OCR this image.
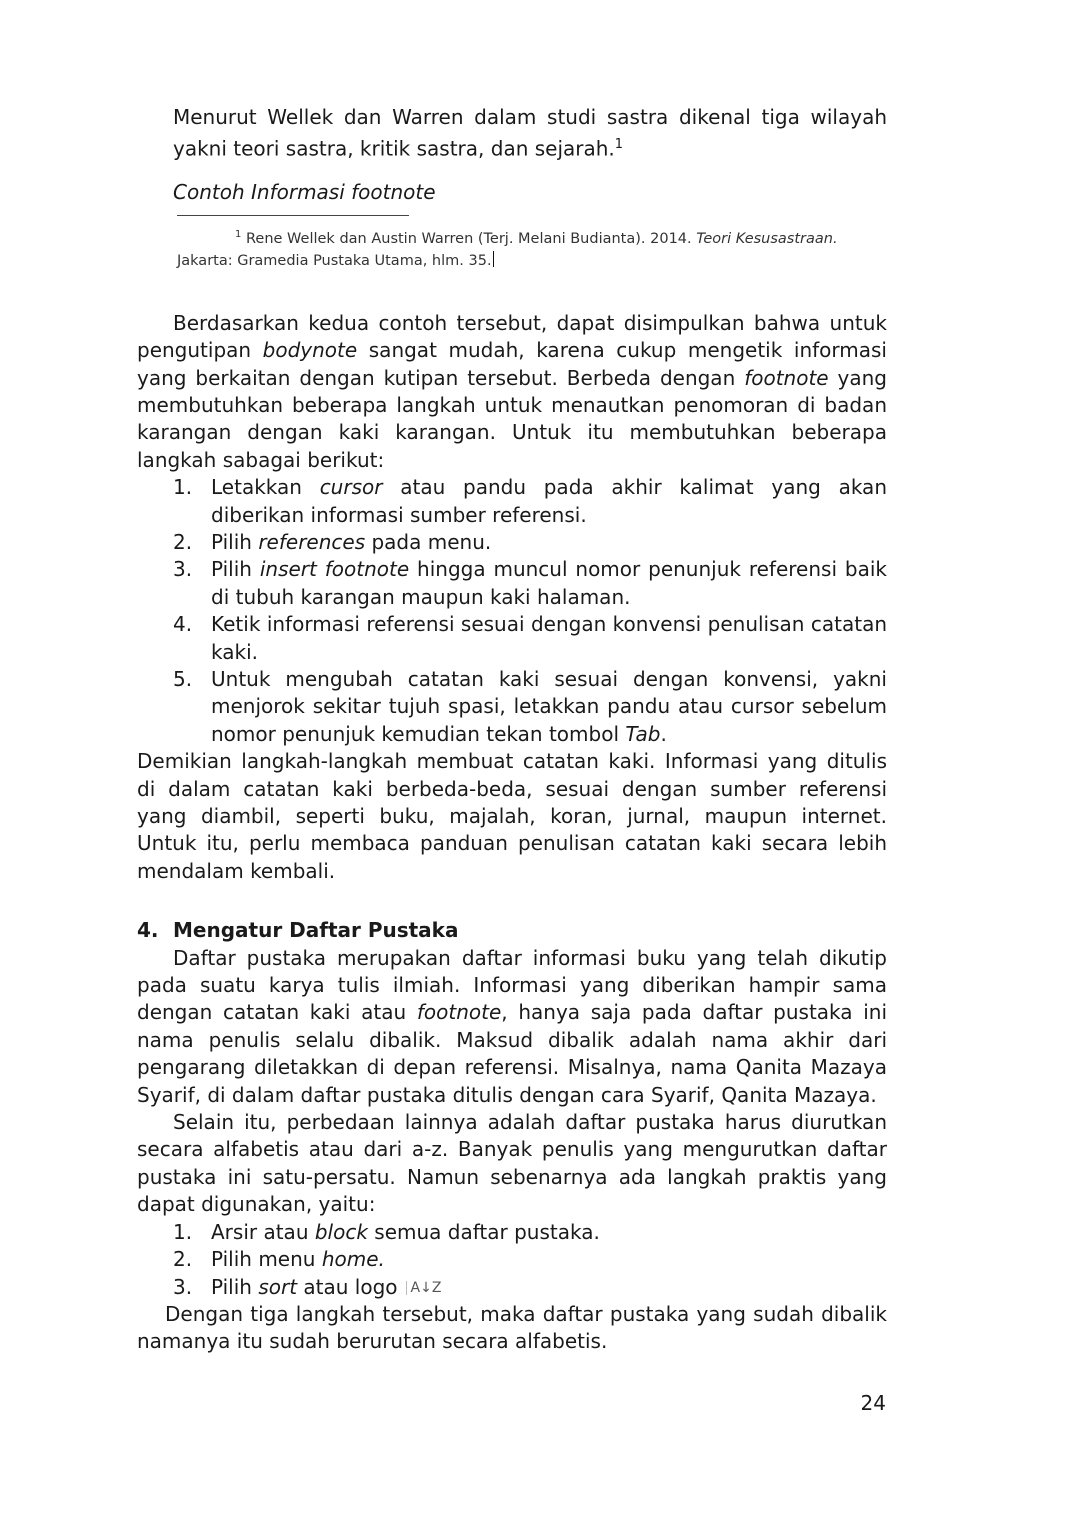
Menurut Wellek dan Warren dalam studi sastra dikenal tiga wilayah yakni teori sastra, kritik sastra, dan sejarah.$^1$

Contoh Informasi footnote

$^1$ Rene Wellek dan Austin Warren (Terj. Melani Budianta). 2014. Teori Kesusastraan. Jakarta: Gramedia Pustaka Utama, hlm. 35.

Berdasarkan kedua contoh tersebut, dapat disimpulkan bahwa untuk pengutipan bodynote sangat mudah, karena cukup mengetik informasi yang berkaitan dengan kutipan tersebut. Berbeda dengan footnote yang membutuhkan beberapa langkah untuk menautkan penomoran di badan karangan dengan kaki karangan. Untuk itu membutuhkan beberapa langkah sabagai berikut:

1. Letakkan cursor atau pandu pada akhir kalimat yang akan diberikan informasi sumber referensi.
2. Pilih references pada menu.
3. Pilih insert footnote hingga muncul nomor penunjuk referensi baik di tubuh karangan maupun kaki halaman.
4. Ketik informasi referensi sesuai dengan konvensi penulisan catatan kaki.
5. Untuk mengubah catatan kaki sesuai dengan konvensi, yakni menjorok sekitar tujuh spasi, letakkan pandu atau cursor sebelum nomor penunjuk kemudian tekan tombol Tab.

Demikian langkah-langkah membuat catatan kaki. Informasi yang ditulis di dalam catatan kaki berbeda-beda, sesuai dengan sumber referensi yang diambil, seperti buku, majalah, koran, jurnal, maupun internet. Untuk itu, perlu membaca panduan penulisan catatan kaki secara lebih mendalam kembali.

4. Mengatur Daftar Pustaka

Daftar pustaka merupakan daftar informasi buku yang telah dikutip pada suatu karya tulis ilmiah. Informasi yang diberikan hampir sama dengan catatan kaki atau footnote, hanya saja pada daftar pustaka ini nama penulis selalu dibalik. Maksud dibalik adalah nama akhir dari pengarang diletakkan di depan referensi. Misalnya, nama Qanita Mazaya Syarif, di dalam daftar pustaka ditulis dengan cara Syarif, Qanita Mazaya.

Selain itu, perbedaan lainnya adalah daftar pustaka harus diurutkan secara alfabetis atau dari a-z. Banyak penulis yang mengurutkan daftar pustaka ini satu-persatu. Namun sebenarnya ada langkah praktis yang dapat digunakan, yaitu:

1. Arsir atau block semua daftar pustaka.
2. Pilih menu home.
3. Pilih sort atau logo A↓Z

Dengan tiga langkah tersebut, maka daftar pustaka yang sudah dibalik namanya itu sudah berurutan secara alfabetis.

24
